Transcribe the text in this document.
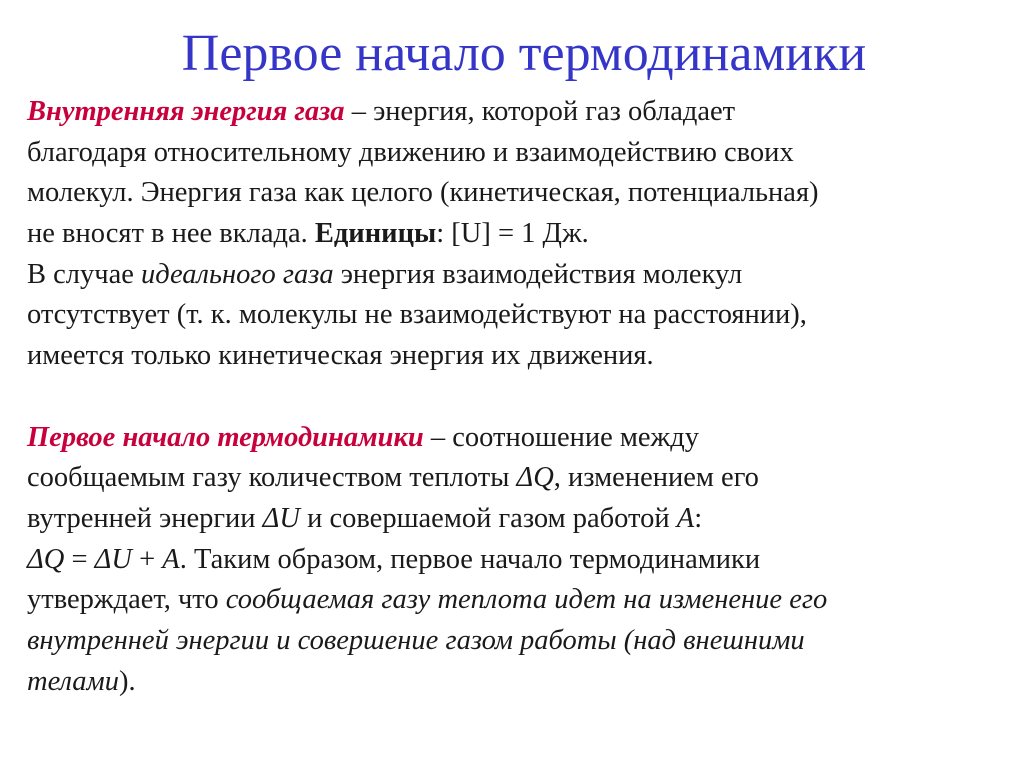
Первое начало термодинамики
Внутренняя энергия газа – энергия, которой газ обладает
благодаря относительному движению и взаимодействию своих
молекул. Энергия газа как целого (кинетическая, потенциальная)
не вносят в нее вклада. Единицы: [U] = 1 Дж.
В случае идеального газа энергия взаимодействия молекул
отсутствует (т. к. молекулы не взаимодействуют на расстоянии),
имеется только кинетическая энергия их движения.
Первое начало термодинамики – соотношение между
сообщаемым газу количеством теплоты ΔQ, изменением его
вутренней энергии ΔU и совершаемой газом работой A:
ΔQ = ΔU + A. Таким образом, первое начало термодинамики
утверждает, что сообщаемая газу теплота идет на изменение его
внутренней энергии и совершение газом работы (над внешними
телами).
